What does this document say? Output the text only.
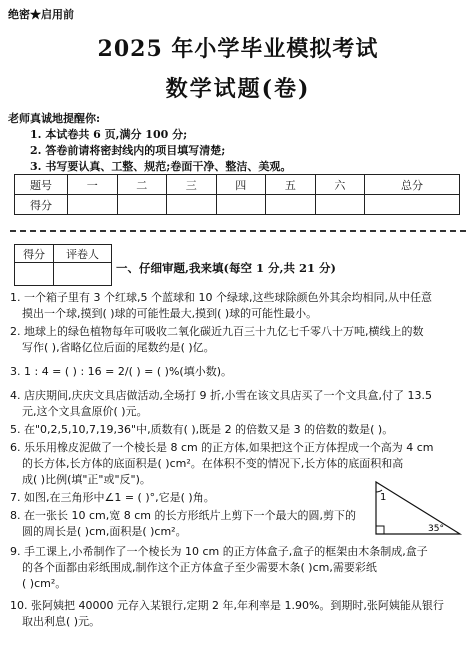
绝密★启用前
2025 年小学毕业模拟考试
数学试题(卷)
老师真诚地提醒你:
1. 本试卷共 6 页,满分 100 分;
2. 答卷前请将密封线内的项目填写清楚;
3. 书写要认真、工整、规范;卷面干净、整洁、美观。
题号	一	二	三	四	五	六	总分
得分							
得分	评卷人

一、仔细审题,我来填(每空 1 分,共 21 分)
1. 一个箱子里有 3 个红球,5 个蓝球和 10 个绿球,这些球除颜色外其余均相同,从中任意
摸出一个球,摸到( )球的可能性最大,摸到( )球的可能性最小。
2. 地球上的绿色植物每年可吸收二氧化碳近九百三十九亿七千零八十万吨,横线上的数
写作( ),省略亿位后面的尾数约是( )亿。
3. 1 : 4 = ( ) : 16 = 2/( ) = ( )%(填小数)。
4. 店庆期间,庆庆文具店做活动,全场打 9 折,小雪在该文具店买了一个文具盒,付了 13.5
元,这个文具盒原价( )元。
5. 在"0,2,5,10,7,19,36"中,质数有( ),既是 2 的倍数又是 3 的倍数的数是( )。
6. 乐乐用橡皮泥做了一个棱长是 8 cm 的正方体,如果把这个正方体捏成一个高为 4 cm
的长方体,长方体的底面积是( )cm²。在体积不变的情况下,长方体的底面积和高
成( )比例(填"正"或"反")。
7. 如图,在三角形中∠1 = ( )°,它是( )角。
8. 在一张长 10 cm,宽 8 cm 的长方形纸片上剪下一个最大的圆,剪下的
圆的周长是( )cm,面积是( )cm²。
9. 手工课上,小希制作了一个棱长为 10 cm 的正方体盒子,盒子的框架由木条制成,盒子
的各个面都由彩纸围成,制作这个正方体盒子至少需要木条( )cm,需要彩纸
( )cm²。
10. 张阿姨把 40000 元存入某银行,定期 2 年,年利率是 1.90%。到期时,张阿姨能从银行
取出利息( )元。
1
35°
